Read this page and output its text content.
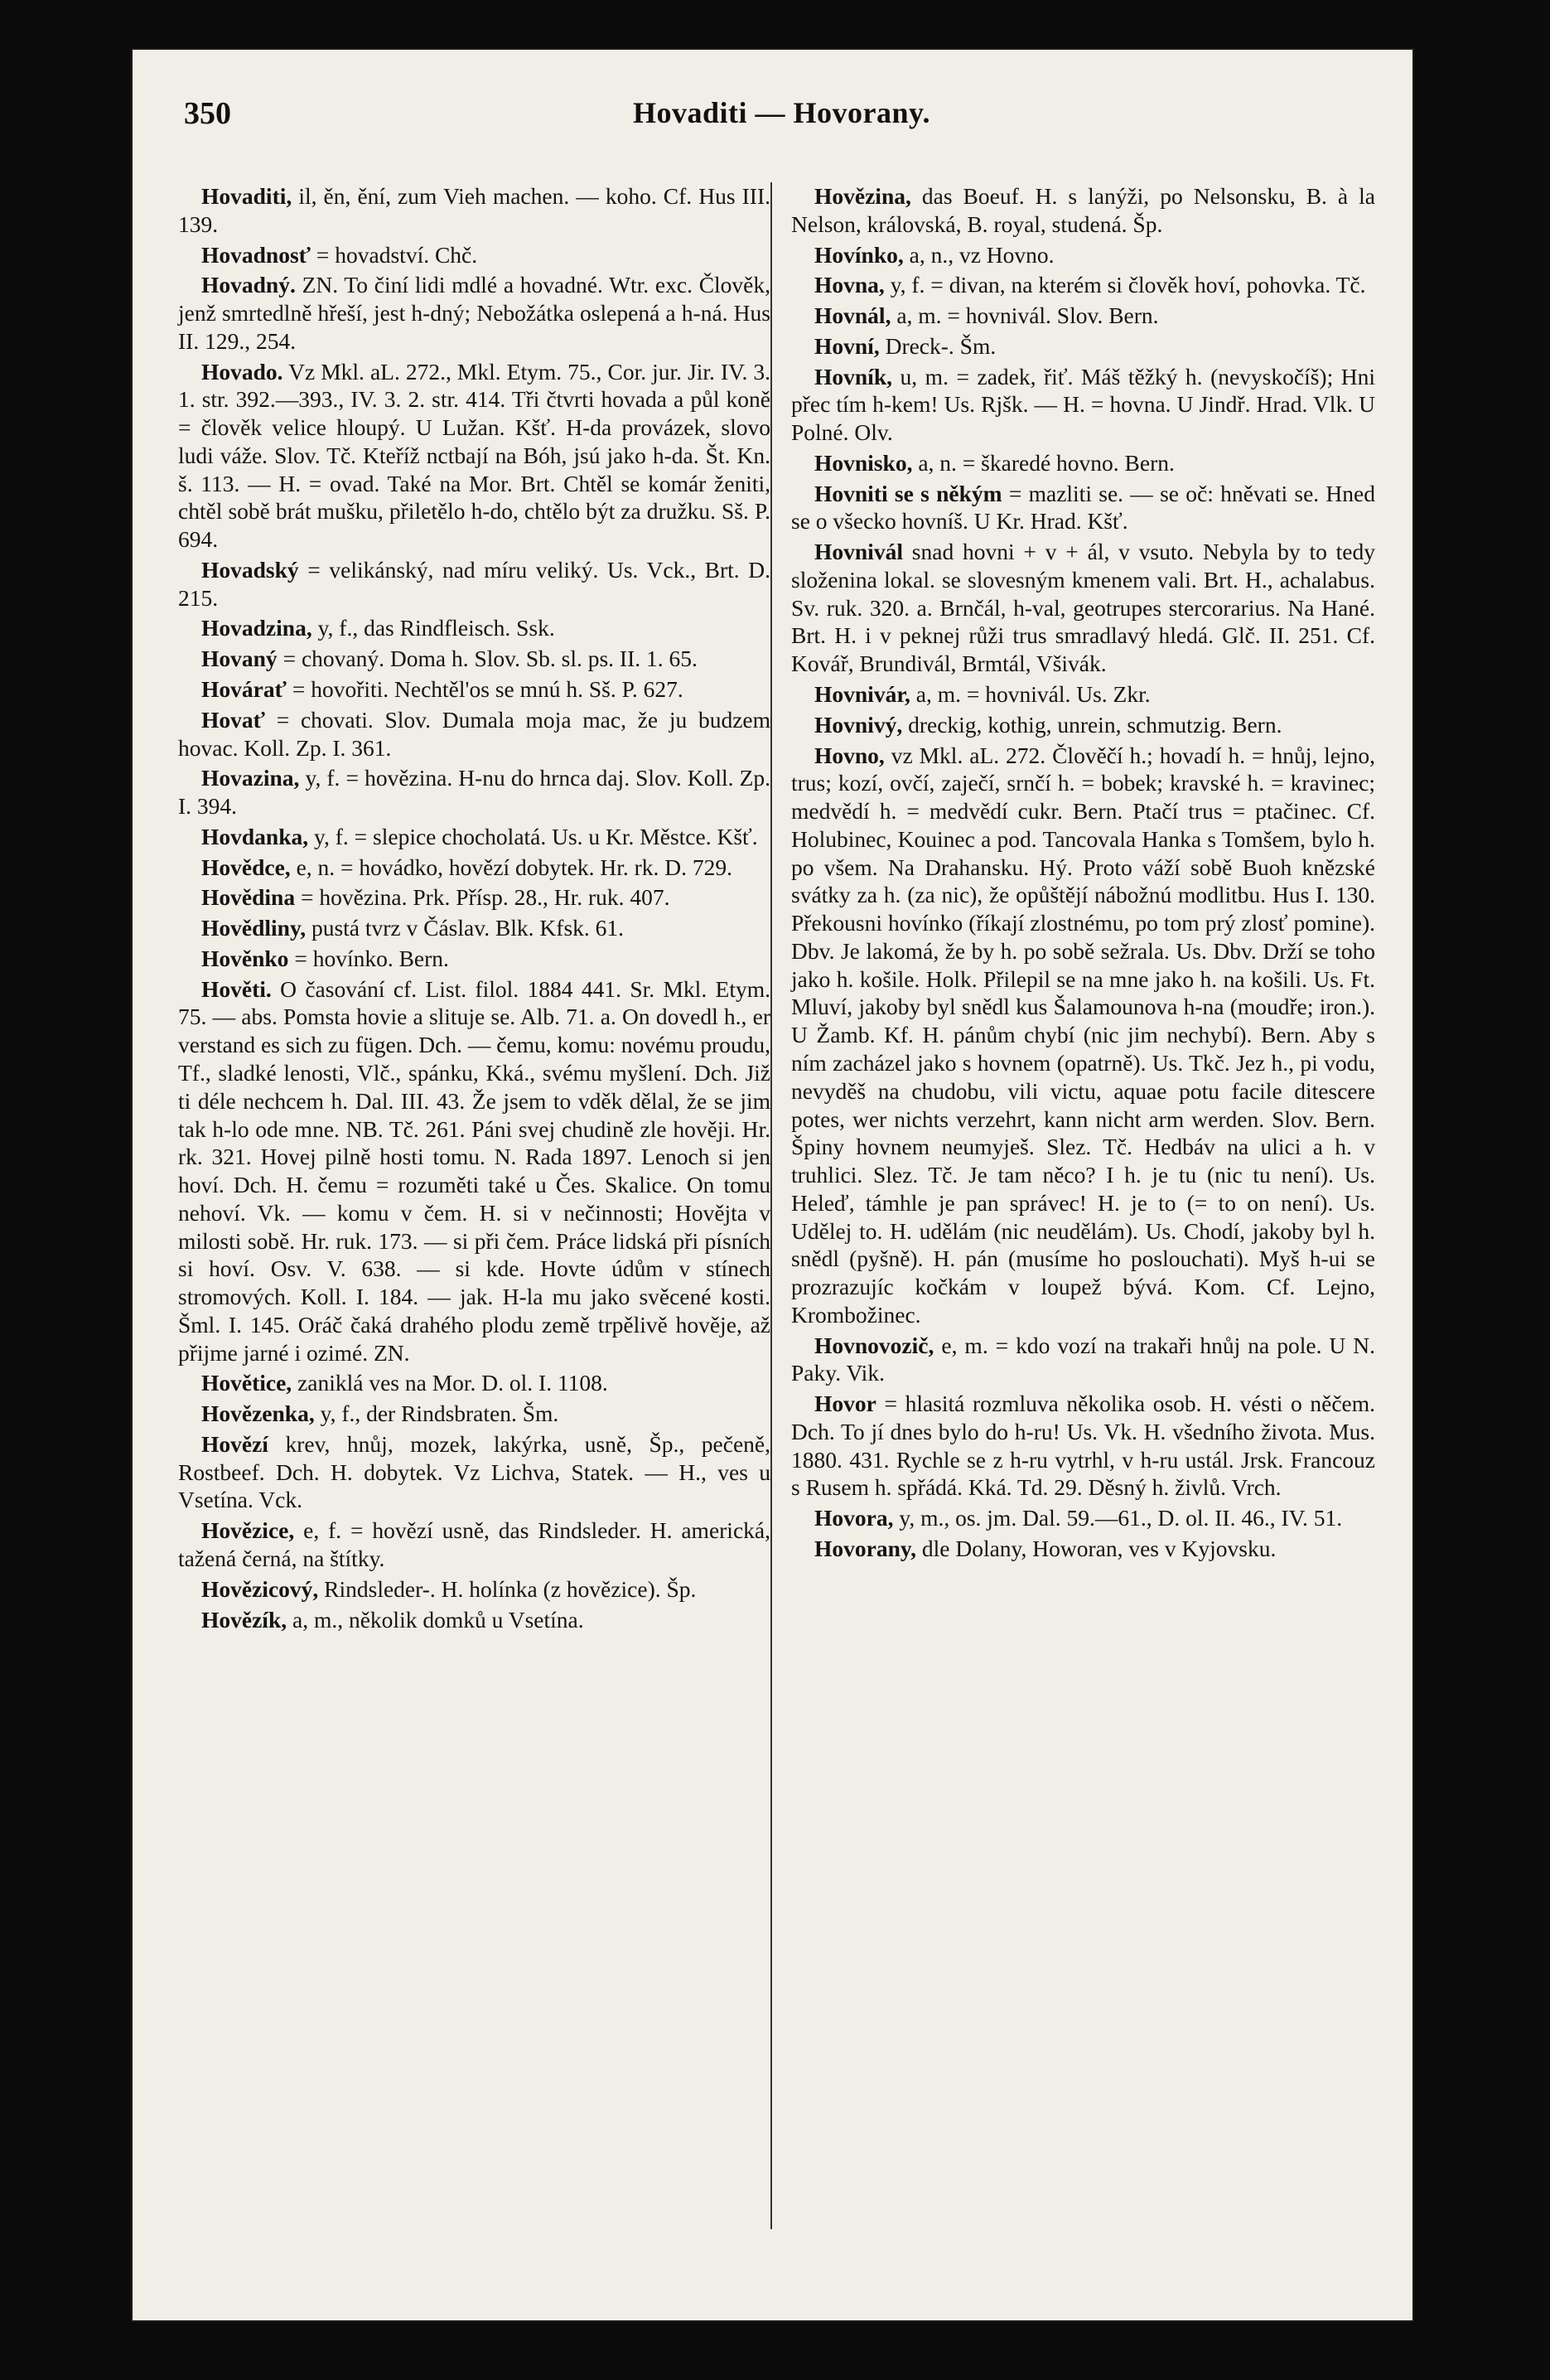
350	Hovaditi — Hovorany.

Hovaditi, il, ěn, ění, zum Vieh machen. — koho. Cf. Hus III. 139.

Hovadnosť = hovadství. Chč.

Hovadný. ZN. To činí lidi mdlé a hovadné. Wtr. exc. Člověk, jenž smrtedlně hřeší, jest h-dný; Nebožátka oslepená a h-ná. Hus II. 129., 254.

Hovado. Vz Mkl. aL. 272., Mkl. Etym. 75., Cor. jur. Jir. IV. 3. 1. str. 392.—393., IV. 3. 2. str. 414. Tři čtvrti hovada a půl koně = člověk velice hloupý. U Lužan. Kšť. H-da provázek, slovo ludi váže. Slov. Tč. Kteříž nctbají na Bóh, jsú jako h-da. Št. Kn. š. 113. — H. = ovad. Také na Mor. Brt. Chtěl se komár ženiti, chtěl sobě brát mušku, přiletělo h-do, chtělo být za družku. Sš. P. 694.

Hovadský = velikánský, nad míru veliký. Us. Vck., Brt. D. 215.

Hovadzina, y, f., das Rindfleisch. Ssk.

Hovaný = chovaný. Doma h. Slov. Sb. sl. ps. II. 1. 65.

Hovárať = hovořiti. Nechtěl'os se mnú h. Sš. P. 627.

Hovať = chovati. Slov. Dumala moja mac, že ju budzem hovac. Koll. Zp. I. 361.

Hovazina, y, f. = hovězina. H-nu do hrnca daj. Slov. Koll. Zp. I. 394.

Hovdanka, y, f. = slepice chocholatá. Us. u Kr. Městce. Kšť.

Hovědce, e, n. = hovádko, hovězí dobytek. Hr. rk. D. 729.

Hovědina = hovězina. Prk. Přísp. 28., Hr. ruk. 407.

Hovědliny, pustá tvrz v Čáslav. Blk. Kfsk. 61.

Hověnko = hovínko. Bern.

Hověti. O časování cf. List. filol. 1884 441. Sr. Mkl. Etym. 75. — abs. Pomsta hovie a slituje se. Alb. 71. a. On dovedl h., er verstand es sich zu fügen. Dch. — čemu, komu: novému proudu, Tf., sladké lenosti, Vlč., spánku, Kká., svému myšlení. Dch. Již ti déle nechcem h. Dal. III. 43. Že jsem to vděk dělal, že se jim tak h-lo ode mne. NB. Tč. 261. Páni svej chudině zle hověji. Hr. rk. 321. Hovej pilně hosti tomu. N. Rada 1897. Lenoch si jen hoví. Dch. H. čemu = rozuměti také u Čes. Skalice. On tomu nehoví. Vk. — komu v čem. H. si v nečinnosti; Hovějta v milosti sobě. Hr. ruk. 173. — si při čem. Práce lidská při písních si hoví. Osv. V. 638. — si kde. Hovte údům v stínech stromových. Koll. I. 184. — jak. H-la mu jako svěcené kosti. Šml. I. 145. Oráč čaká drahého plodu země trpělivě hověje, až přijme jarné i ozimé. ZN.

Hovětice, zaniklá ves na Mor. D. ol. I. 1108.

Hovězenka, y, f., der Rindsbraten. Šm.

Hovězí krev, hnůj, mozek, lakýrka, usně, Šp., pečeně, Rostbeef. Dch. H. dobytek. Vz Lichva, Statek. — H., ves u Vsetína. Vck.

Hovězice, e, f. = hovězí usně, das Rindsleder. H. americká, tažená černá, na štítky.

Hovězicový, Rindsleder-. H. holínka (z hovězice). Šp.

Hovězík, a, m., několik domků u Vsetína.

Hovězina, das Boeuf. H. s lanýži, po Nelsonsku, B. à la Nelson, královská, B. royal, studená. Šp.

Hovínko, a, n., vz Hovno.

Hovna, y, f. = divan, na kterém si člověk hoví, pohovka. Tč.

Hovnál, a, m. = hovnivál. Slov. Bern.

Hovní, Dreck-. Šm.

Hovník, u, m. = zadek, řiť. Máš těžký h. (nevyskočíš); Hni přec tím h-kem! Us. Rjšk. — H. = hovna. U Jindř. Hrad. Vlk. U Polné. Olv.

Hovnisko, a, n. = škaredé hovno. Bern.

Hovniti se s někým = mazliti se. — se oč: hněvati se. Hned se o všecko hovníš. U Kr. Hrad. Kšť.

Hovnivál snad hovni + v + ál, v vsuto. Nebyla by to tedy složenina lokal. se slovesným kmenem vali. Brt. H., achalabus. Sv. ruk. 320. a. Brnčál, h-val, geotrupes stercorarius. Na Hané. Brt. H. i v peknej růži trus smradlavý hledá. Glč. II. 251. Cf. Kovář, Brundivál, Brmtál, Všivák.

Hovnivár, a, m. = hovnivál. Us. Zkr.

Hovnivý, dreckig, kothig, unrein, schmutzig. Bern.

Hovno, vz Mkl. aL. 272. Člověčí h.; hovadí h. = hnůj, lejno, trus; kozí, ovčí, zaječí, srnčí h. = bobek; kravské h. = kravinec; medvědí h. = medvědí cukr. Bern. Ptačí trus = ptačinec. Cf. Holubinec, Kouinec a pod. Tancovala Hanka s Tomšem, bylo h. po všem. Na Drahansku. Hý. Proto váží sobě Buoh knězské svátky za h. (za nic), že opůštějí nábožnú modlitbu. Hus I. 130. Překousni hovínko (říkají zlostnému, po tom prý zlosť pomine). Dbv. Je lakomá, že by h. po sobě sežrala. Us. Dbv. Drží se toho jako h. košile. Holk. Přilepil se na mne jako h. na košili. Us. Ft. Mluví, jakoby byl snědl kus Šalamounova h-na (moudře; iron.). U Žamb. Kf. H. pánům chybí (nic jim nechybí). Bern. Aby s ním zacházel jako s hovnem (opatrně). Us. Tkč. Jez h., pi vodu, nevyděš na chudobu, vili victu, aquae potu facile ditescere potes, wer nichts verzehrt, kann nicht arm werden. Slov. Bern. Špiny hovnem neumyješ. Slez. Tč. Hedbáv na ulici a h. v truhlici. Slez. Tč. Je tam něco? I h. je tu (nic tu není). Us. Heleď, támhle je pan správec! H. je to (= to on není). Us. Udělej to. H. udělám (nic neudělám). Us. Chodí, jakoby byl h. snědl (pyšně). H. pán (musíme ho poslouchati). Myš h-ui se prozrazujíc kočkám v loupež bývá. Kom. Cf. Lejno, Krombožinec.

Hovnovozič, e, m. = kdo vozí na trakaři hnůj na pole. U N. Paky. Vik.

Hovor = hlasitá rozmluva několika osob. H. vésti o něčem. Dch. To jí dnes bylo do h-ru! Us. Vk. H. všedního života. Mus. 1880. 431. Rychle se z h-ru vytrhl, v h-ru ustál. Jrsk. Francouz s Rusem h. spřádá. Kká. Td. 29. Děsný h. živlů. Vrch.

Hovora, y, m., os. jm. Dal. 59.—61., D. ol. II. 46., IV. 51.

Hovorany, dle Dolany, Howoran, ves v Kyjovsku.
